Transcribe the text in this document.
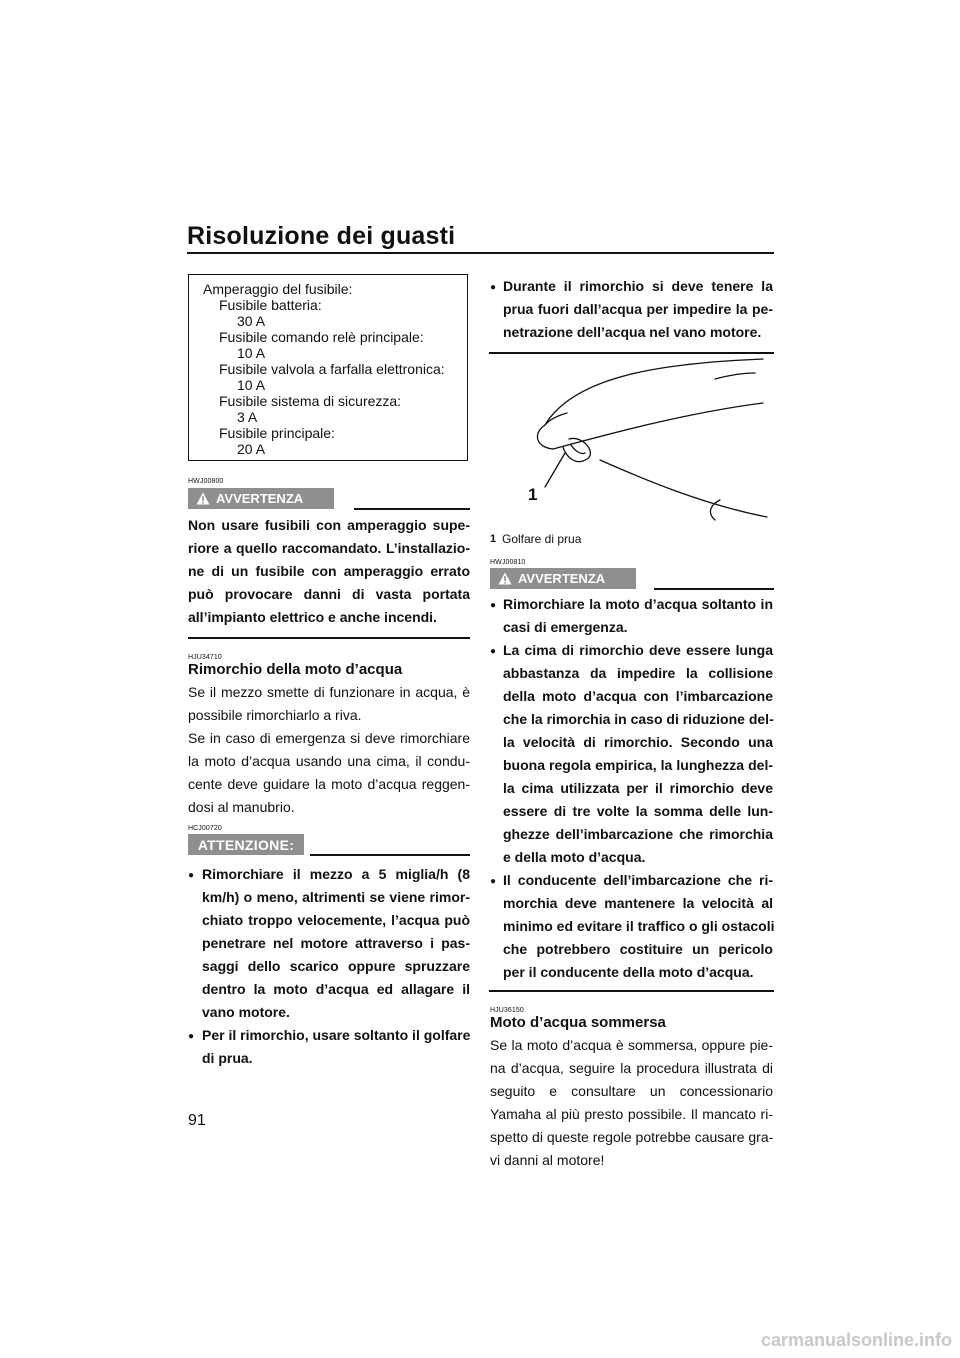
Risoluzione dei guasti
Amperaggio del fusibile:
Fusibile batteria:
30 A
Fusibile comando relè principale:
10 A
Fusibile valvola a farfalla elettronica:
10 A
Fusibile sistema di sicurezza:
3 A
Fusibile principale:
20 A
HWJ00800
AVVERTENZA
Non usare fusibili con amperaggio supe-
riore a quello raccomandato. L’installazio-
ne di un fusibile con amperaggio errato
può provocare danni di vasta portata
all’impianto elettrico e anche incendi.
HJU34710
Rimorchio della moto d’acqua
Se il mezzo smette di funzionare in acqua, è
possibile rimorchiarlo a riva.
Se in caso di emergenza si deve rimorchiare
la moto d’acqua usando una cima, il condu-
cente deve guidare la moto d’acqua reggen-
dosi al manubrio.
HCJ00720
ATTENZIONE:
● Rimorchiare il mezzo a 5 miglia/h (8
km/h) o meno, altrimenti se viene rimor-
chiato troppo velocemente, l’acqua può
penetrare nel motore attraverso i pas-
saggi dello scarico oppure spruzzare
dentro la moto d’acqua ed allagare il
vano motore.
● Per il rimorchio, usare soltanto il golfare
di prua.
● Durante il rimorchio si deve tenere la
prua fuori dall’acqua per impedire la pe-
netrazione dell’acqua nel vano motore.
1
1 Golfare di prua
HWJ00810
AVVERTENZA
● Rimorchiare la moto d’acqua soltanto in
casi di emergenza.
● La cima di rimorchio deve essere lunga
abbastanza da impedire la collisione
della moto d’acqua con l’imbarcazione
che la rimorchia in caso di riduzione del-
la velocità di rimorchio. Secondo una
buona regola empirica, la lunghezza del-
la cima utilizzata per il rimorchio deve
essere di tre volte la somma delle lun-
ghezze dell’imbarcazione che rimorchia
e della moto d’acqua.
● Il conducente dell’imbarcazione che ri-
morchia deve mantenere la velocità al
minimo ed evitare il traffico o gli ostacoli
che potrebbero costituire un pericolo
per il conducente della moto d’acqua.
HJU36150
Moto d’acqua sommersa
Se la moto d’acqua è sommersa, oppure pie-
na d’acqua, seguire la procedura illustrata di
seguito e consultare un concessionario
Yamaha al più presto possibile. Il mancato ri-
spetto di queste regole potrebbe causare gra-
vi danni al motore!
91
carmanualsonline.info
